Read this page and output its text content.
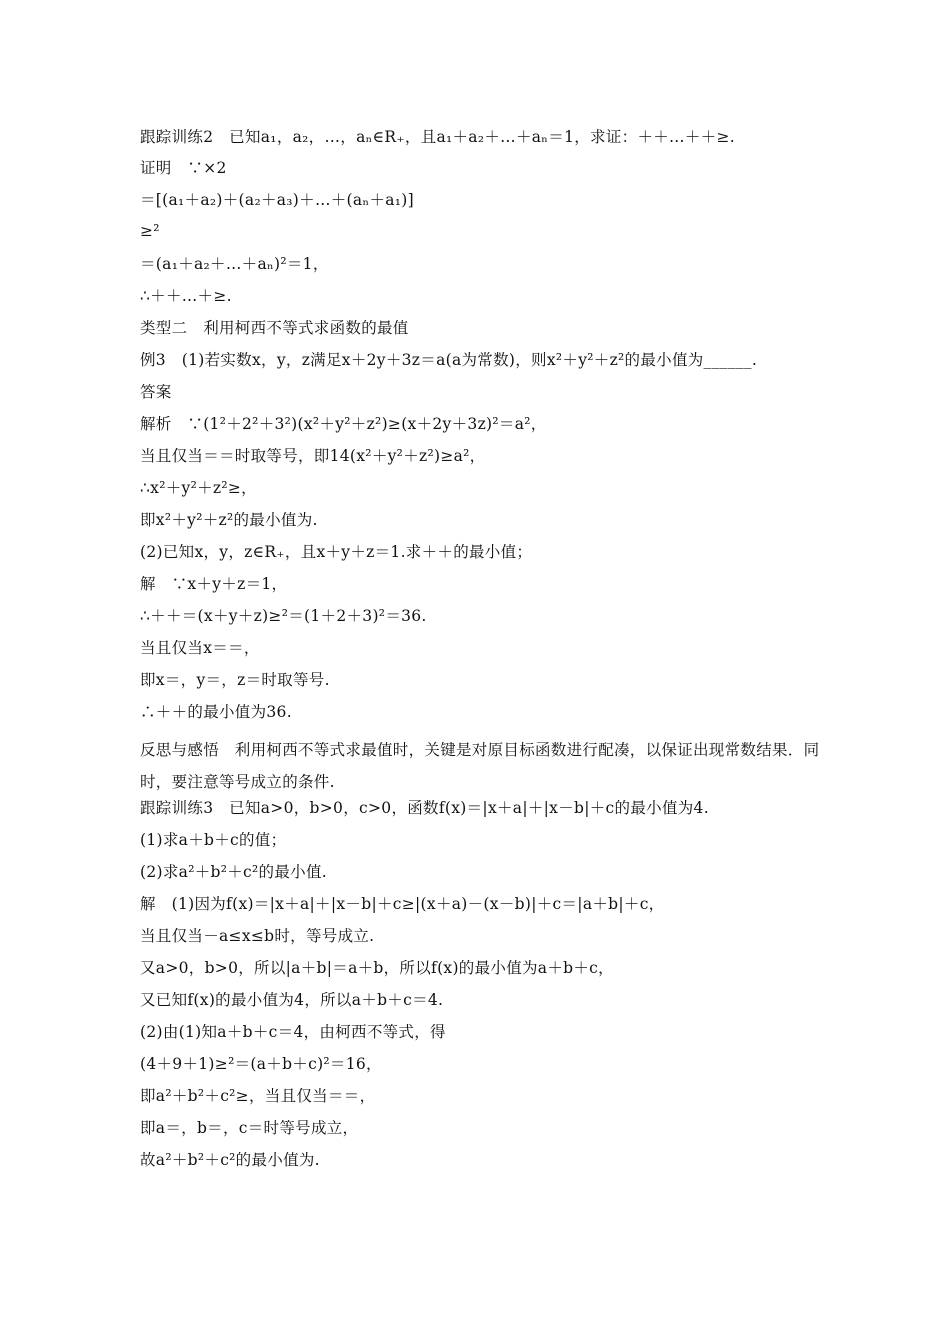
跟踪训练2　已知a₁，a₂，…，aₙ∈R₊，且a₁＋a₂＋…＋aₙ＝1，求证：＋＋…＋＋≥.
证明　∵×2
＝[(a₁＋a₂)＋(a₂＋a₃)＋…＋(aₙ＋a₁)]
≥²
＝(a₁＋a₂＋…＋aₙ)²＝1，
∴＋＋…＋≥.
类型二　利用柯西不等式求函数的最值
例3　(1)若实数x，y，z满足x＋2y＋3z＝a(a为常数)，则x²＋y²＋z²的最小值为______.
答案
解析　∵(1²＋2²＋3²)(x²＋y²＋z²)≥(x＋2y＋3z)²＝a²，
当且仅当＝＝时取等号，即14(x²＋y²＋z²)≥a²，
∴x²＋y²＋z²≥，
即x²＋y²＋z²的最小值为.
(2)已知x，y，z∈R₊，且x＋y＋z＝1.求＋＋的最小值；
解　∵x＋y＋z＝1，
∴＋＋＝(x＋y＋z)≥²＝(1＋2＋3)²＝36.
当且仅当x＝＝，
即x＝，y＝，z＝时取等号.
∴＋＋的最小值为36.
反思与感悟　利用柯西不等式求最值时，关键是对原目标函数进行配凑，以保证出现常数结果．同时，要注意等号成立的条件.
跟踪训练3　已知a>0，b>0，c>0，函数f(x)＝|x＋a|＋|x－b|＋c的最小值为4.
(1)求a＋b＋c的值；
(2)求a²＋b²＋c²的最小值.
解　(1)因为f(x)＝|x＋a|＋|x－b|＋c≥|(x＋a)－(x－b)|＋c＝|a＋b|＋c，
当且仅当－a≤x≤b时，等号成立.
又a>0，b>0，所以|a＋b|＝a＋b，所以f(x)的最小值为a＋b＋c，
又已知f(x)的最小值为4，所以a＋b＋c＝4.
(2)由(1)知a＋b＋c＝4，由柯西不等式，得
(4＋9＋1)≥²＝(a＋b＋c)²＝16，
即a²＋b²＋c²≥，当且仅当＝＝，
即a＝，b＝，c＝时等号成立，
故a²＋b²＋c²的最小值为.
